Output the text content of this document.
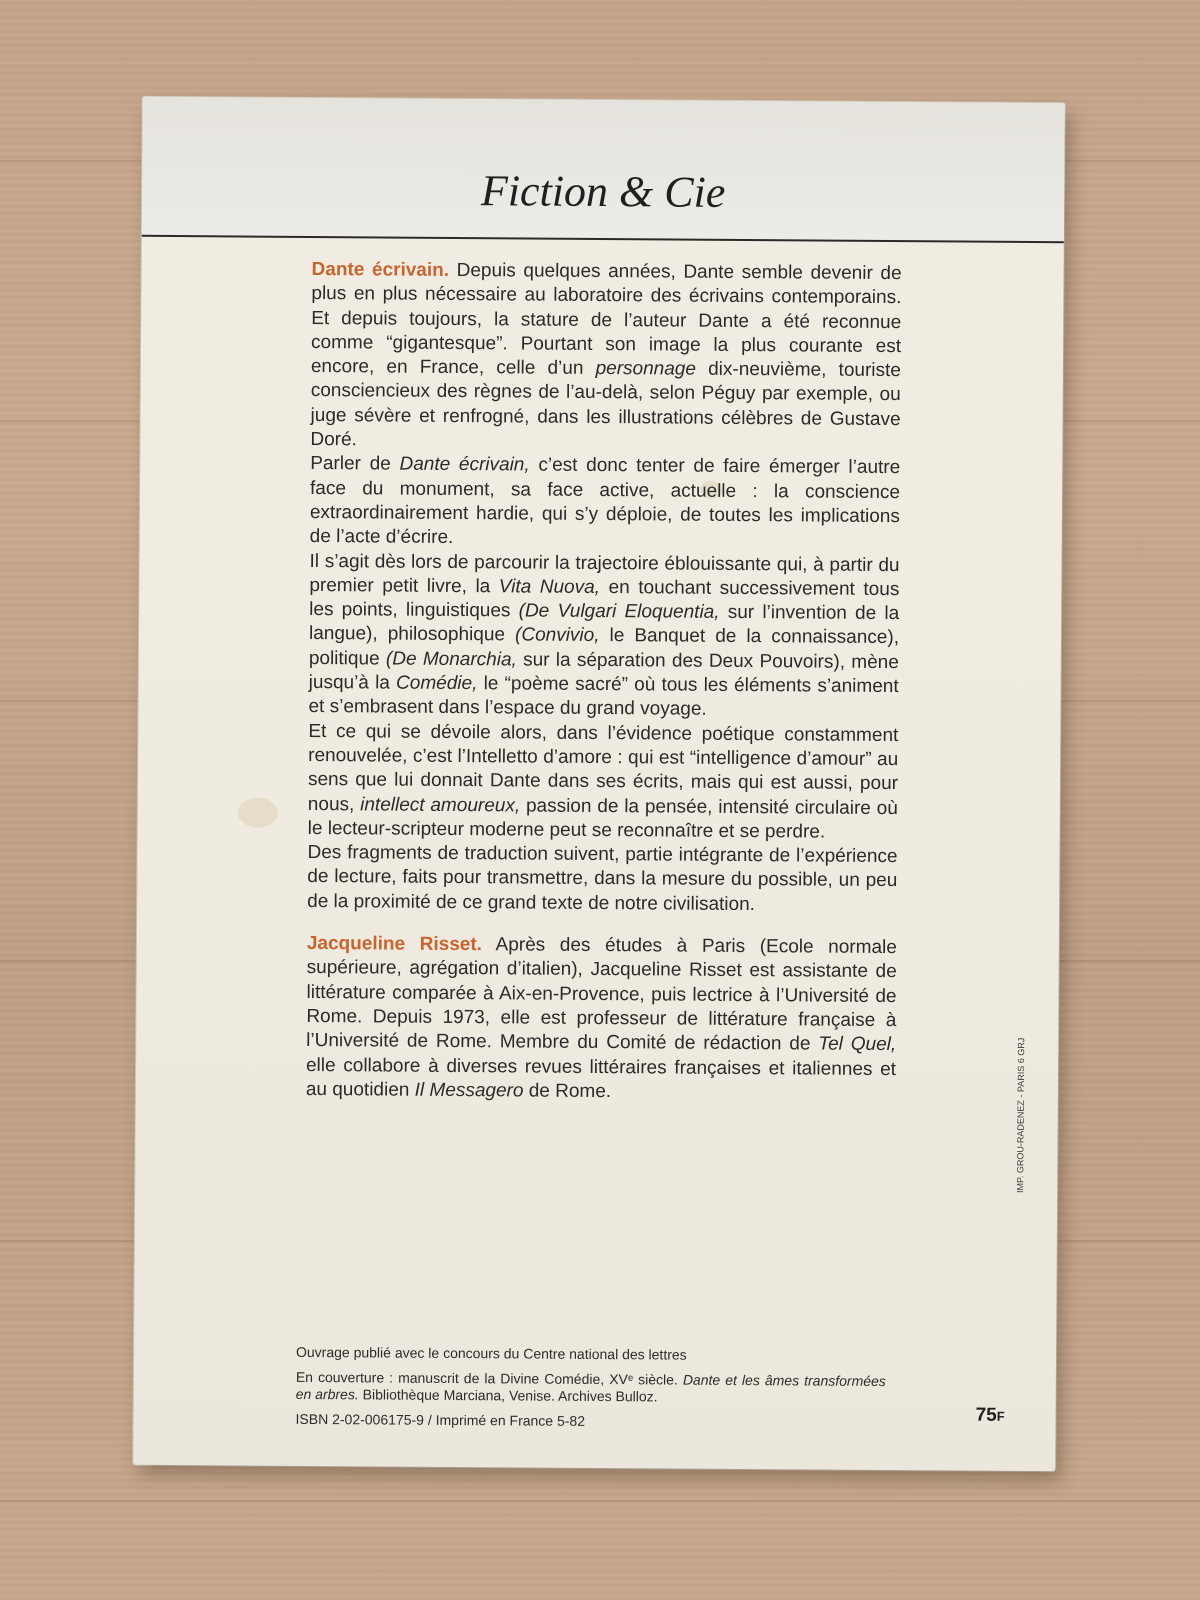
Fiction & Cie

Dante écrivain. Depuis quelques années, Dante semble devenir de plus en plus nécessaire au laboratoire des écrivains contemporains. Et depuis toujours, la stature de l’auteur Dante a été reconnue comme “gigantesque”. Pourtant son image la plus courante est encore, en France, celle d’un personnage dix-neuvième, touriste consciencieux des règnes de l’au-delà, selon Péguy par exemple, ou juge sévère et renfrogné, dans les illustrations célèbres de Gustave Doré.

Parler de Dante écrivain, c’est donc tenter de faire émerger l’autre face du monument, sa face active, actuelle : la conscience extraordinairement hardie, qui s’y déploie, de toutes les implications de l’acte d’écrire.

Il s’agit dès lors de parcourir la trajectoire éblouissante qui, à partir du premier petit livre, la Vita Nuova, en touchant successivement tous les points, linguistiques (De Vulgari Eloquentia, sur l’invention de la langue), philosophique (Convivio, le Banquet de la connaissance), politique (De Monarchia, sur la séparation des Deux Pouvoirs), mène jusqu’à la Comédie, le “poème sacré” où tous les éléments s’animent et s’embrasent dans l’espace du grand voyage.

Et ce qui se dévoile alors, dans l’évidence poétique constamment renouvelée, c’est l’Intelletto d’amore : qui est “intelligence d’amour” au sens que lui donnait Dante dans ses écrits, mais qui est aussi, pour nous, intellect amoureux, passion de la pensée, intensité circulaire où le lecteur-scripteur moderne peut se reconnaître et se perdre.

Des fragments de traduction suivent, partie intégrante de l’expérience de lecture, faits pour transmettre, dans la mesure du possible, un peu de la proximité de ce grand texte de notre civilisation.

Jacqueline Risset. Après des études à Paris (Ecole normale supérieure, agrégation d’italien), Jacqueline Risset est assistante de littérature comparée à Aix-en-Provence, puis lectrice à l’Université de Rome. Depuis 1973, elle est professeur de littérature française à l’Université de Rome. Membre du Comité de rédaction de Tel Quel, elle collabore à diverses revues littéraires françaises et italiennes et au quotidien Il Messagero de Rome.

Ouvrage publié avec le concours du Centre national des lettres

En couverture : manuscrit de la Divine Comédie, XVᵉ siècle. Dante et les âmes transformées en arbres. Bibliothèque Marciana, Venise. Archives Bulloz.

ISBN 2-02-006175-9 / Imprimé en France 5-82	75F
IMP. GROU-RADENEZ - PARIS 6 GRJ
